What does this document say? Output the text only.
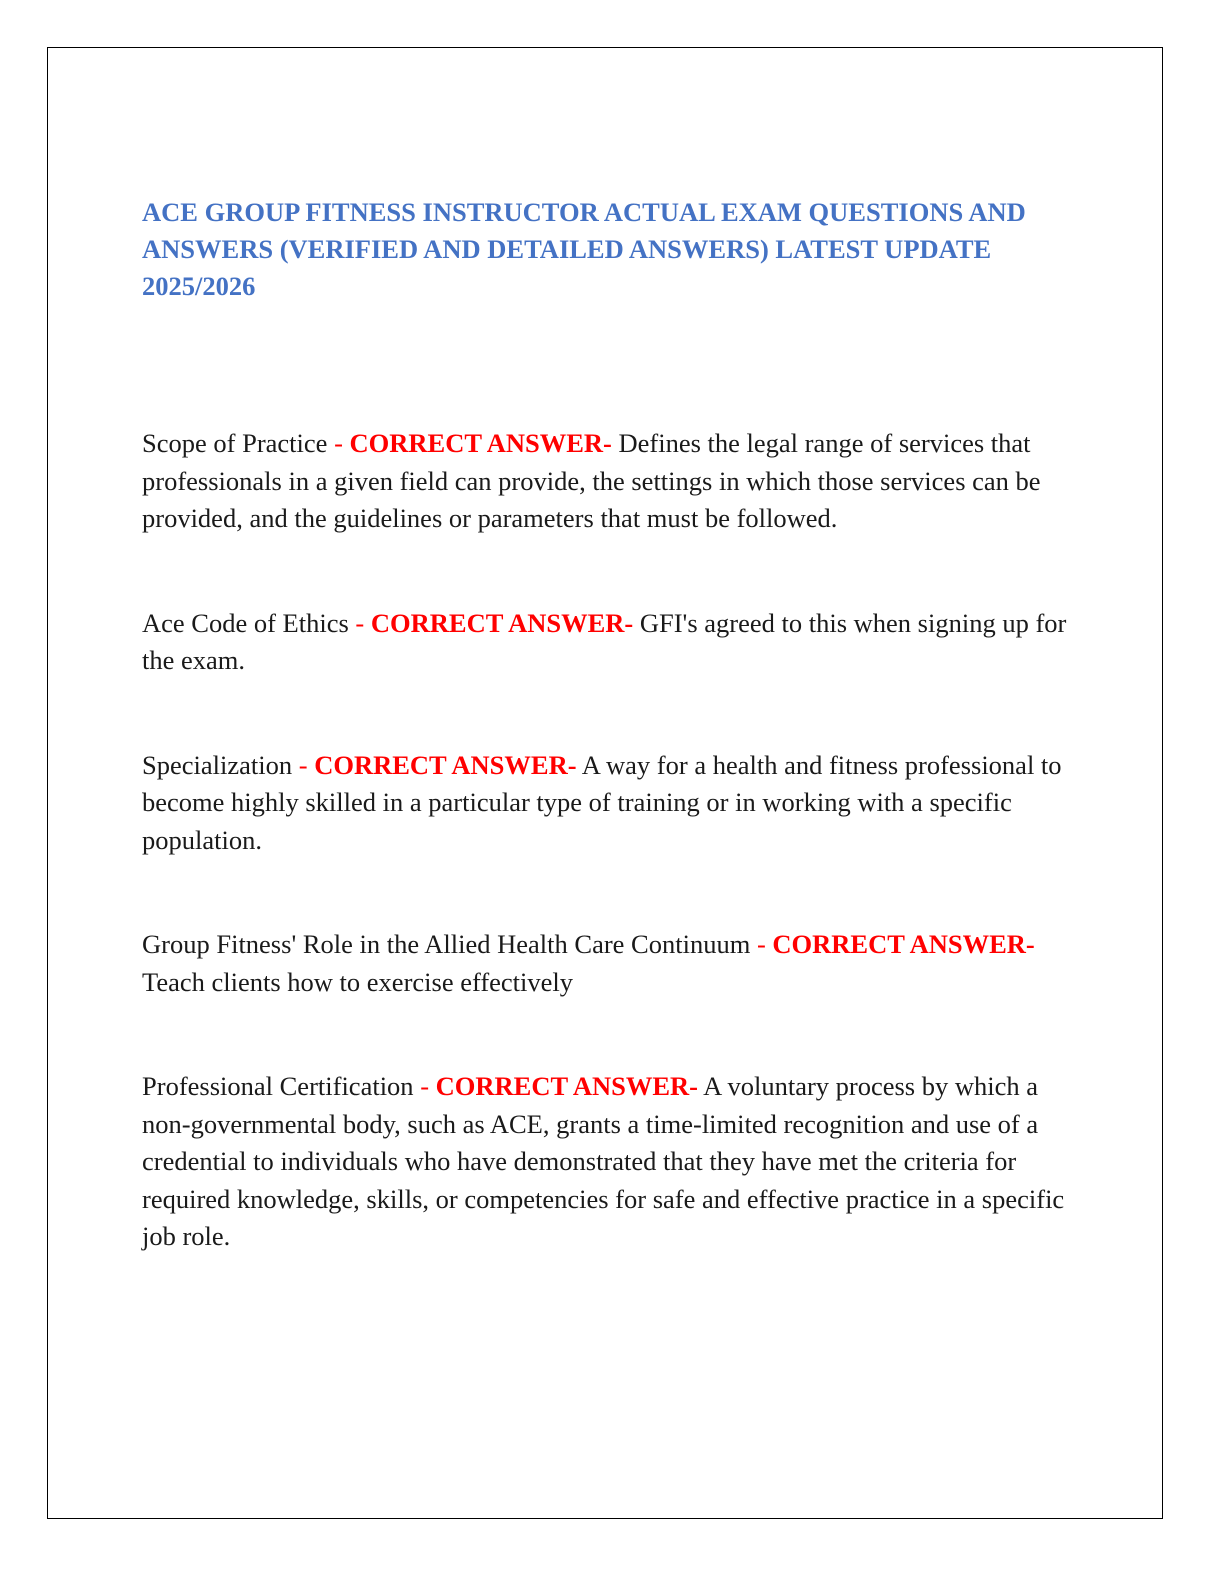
ACE GROUP FITNESS INSTRUCTOR ACTUAL EXAM QUESTIONS AND ANSWERS (VERIFIED AND DETAILED ANSWERS) LATEST UPDATE 2025/2026

Scope of Practice - CORRECT ANSWER- Defines the legal range of services that professionals in a given field can provide, the settings in which those services can be provided, and the guidelines or parameters that must be followed.

Ace Code of Ethics - CORRECT ANSWER- GFI's agreed to this when signing up for the exam.

Specialization - CORRECT ANSWER- A way for a health and fitness professional to become highly skilled in a particular type of training or in working with a specific population.

Group Fitness' Role in the Allied Health Care Continuum - CORRECT ANSWER- Teach clients how to exercise effectively

Professional Certification - CORRECT ANSWER- A voluntary process by which a non-governmental body, such as ACE, grants a time-limited recognition and use of a credential to individuals who have demonstrated that they have met the criteria for required knowledge, skills, or competencies for safe and effective practice in a specific job role.
